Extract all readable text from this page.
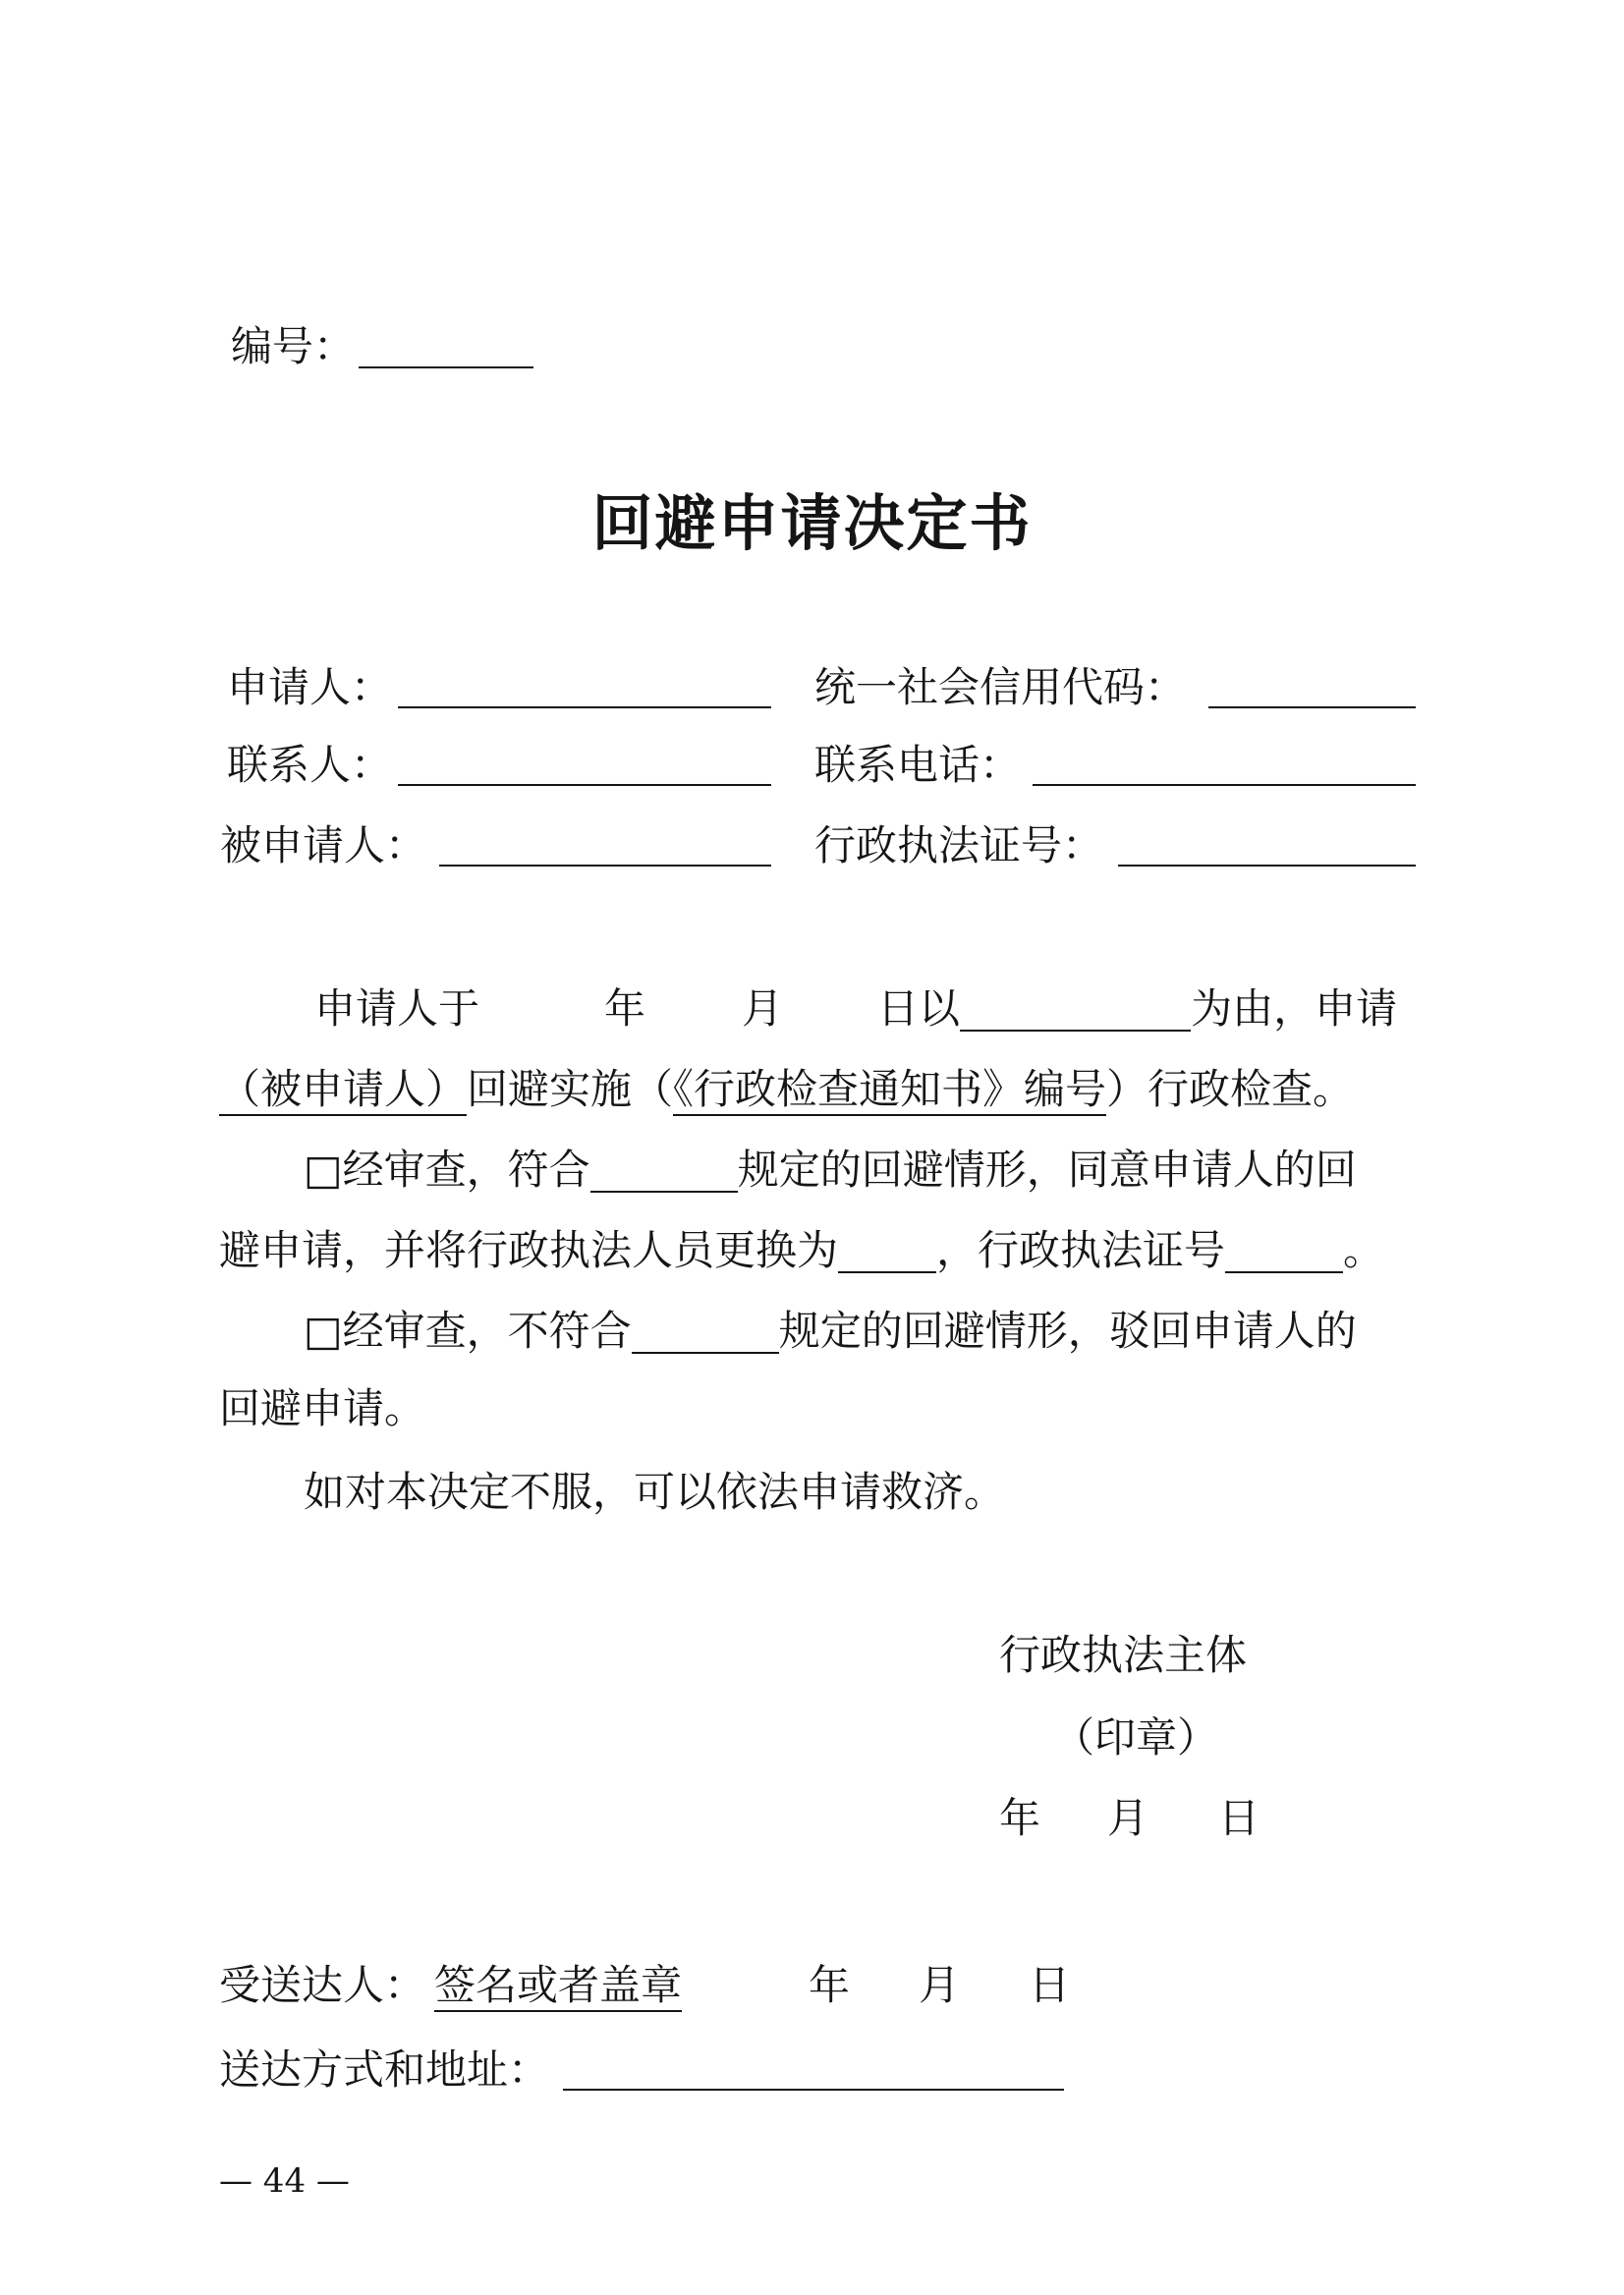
编号：
回避申请决定书
申请人：	统一社会信用代码：
联系人：	联系电话：
被申请人：	行政执法证号：
申请人于	年 月 日以	为由，申请
（被申请人）回避实施（《行政检查通知书》编号）行政检查。
□经审查，符合	规定的回避情形，同意申请人的回
避申请，并将行政执法人员更换为 ，行政执法证号	。
□经审查，不符合	规定的回避情形，驳回申请人的
回避申请。
如对本决定不服，可以依法申请救济。
行政执法主体
（印章）
年 月 日
受送达人： 签名或者盖章	年 月 日
送达方式和地址：
— 44 —
